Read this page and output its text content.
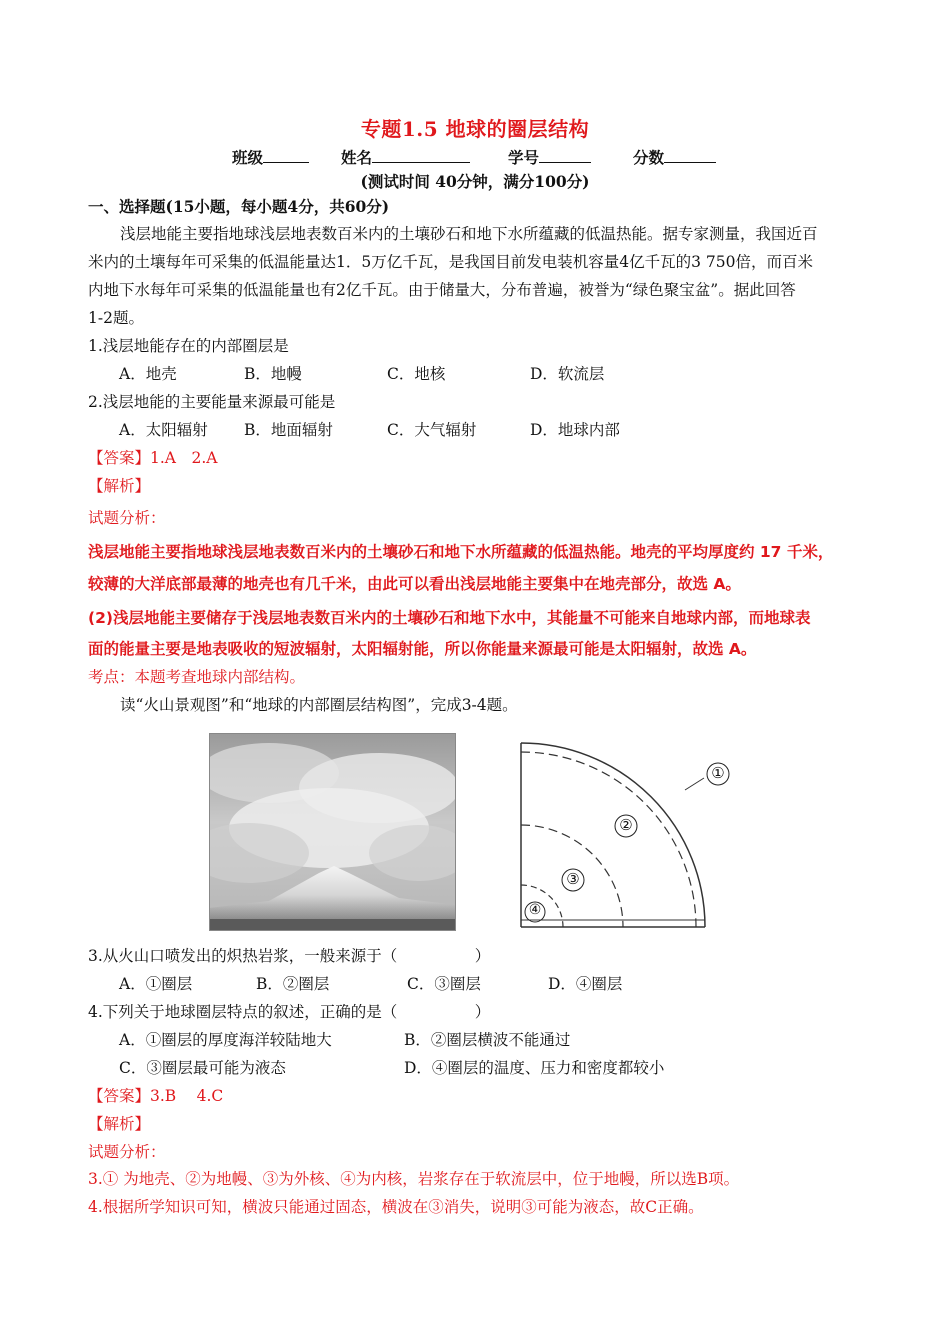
专题1.5 地球的圈层结构
班级	姓名	学号	分数
(测试时间 40分钟，满分100分)
一、选择题(15小题，每小题4分，共60分)
浅层地能主要指地球浅层地表数百米内的土壤砂石和地下水所蕴藏的低温热能。据专家测量，我国近百
米内的土壤每年可采集的低温能量达1．5万亿千瓦，是我国目前发电装机容量4亿千瓦的3 750倍，而百米
内地下水每年可采集的低温能量也有2亿千瓦。由于储量大，分布普遍，被誉为“绿色聚宝盆”。据此回答
1-2题。
1.浅层地能存在的内部圈层是
A．地壳	B．地幔	C．地核	D．软流层
2.浅层地能的主要能量来源最可能是
A．太阳辐射 B．地面辐射	C．大气辐射	D．地球内部
【答案】1.A　2.A
【解析】
试题分析：
浅层地能主要指地球浅层地表数百米内的土壤砂石和地下水所蕴藏的低温热能。地壳的平均厚度约 17 千米，
较薄的大洋底部最薄的地壳也有几千米，由此可以看出浅层地能主要集中在地壳部分，故选 A。
(2)浅层地能主要储存于浅层地表数百米内的土壤砂石和地下水中，其能量不可能来自地球内部，而地球表
面的能量主要是地表吸收的短波辐射，太阳辐射能，所以你能量来源最可能是太阳辐射，故选 A。
考点：本题考查地球内部结构。
读“火山景观图”和“地球的内部圈层结构图”，完成3-4题。
①
②
③
④
3.从火山口喷发出的炽热岩浆，一般来源于（　　　　　）
A．①圈层	B．②圈层	C．③圈层	D．④圈层
4.下列关于地球圈层特点的叙述，正确的是（　　　　　）
A．①圈层的厚度海洋较陆地大	B．②圈层横波不能通过
C．③圈层最可能为液态	D．④圈层的温度、压力和密度都较小
【答案】3.B　 4.C
【解析】
试题分析：
3.① 为地壳、②为地幔、③为外核、④为内核，岩浆存在于软流层中，位于地幔，所以选B项。
4.根据所学知识可知，横波只能通过固态，横波在③消失，说明③可能为液态，故C正确。
